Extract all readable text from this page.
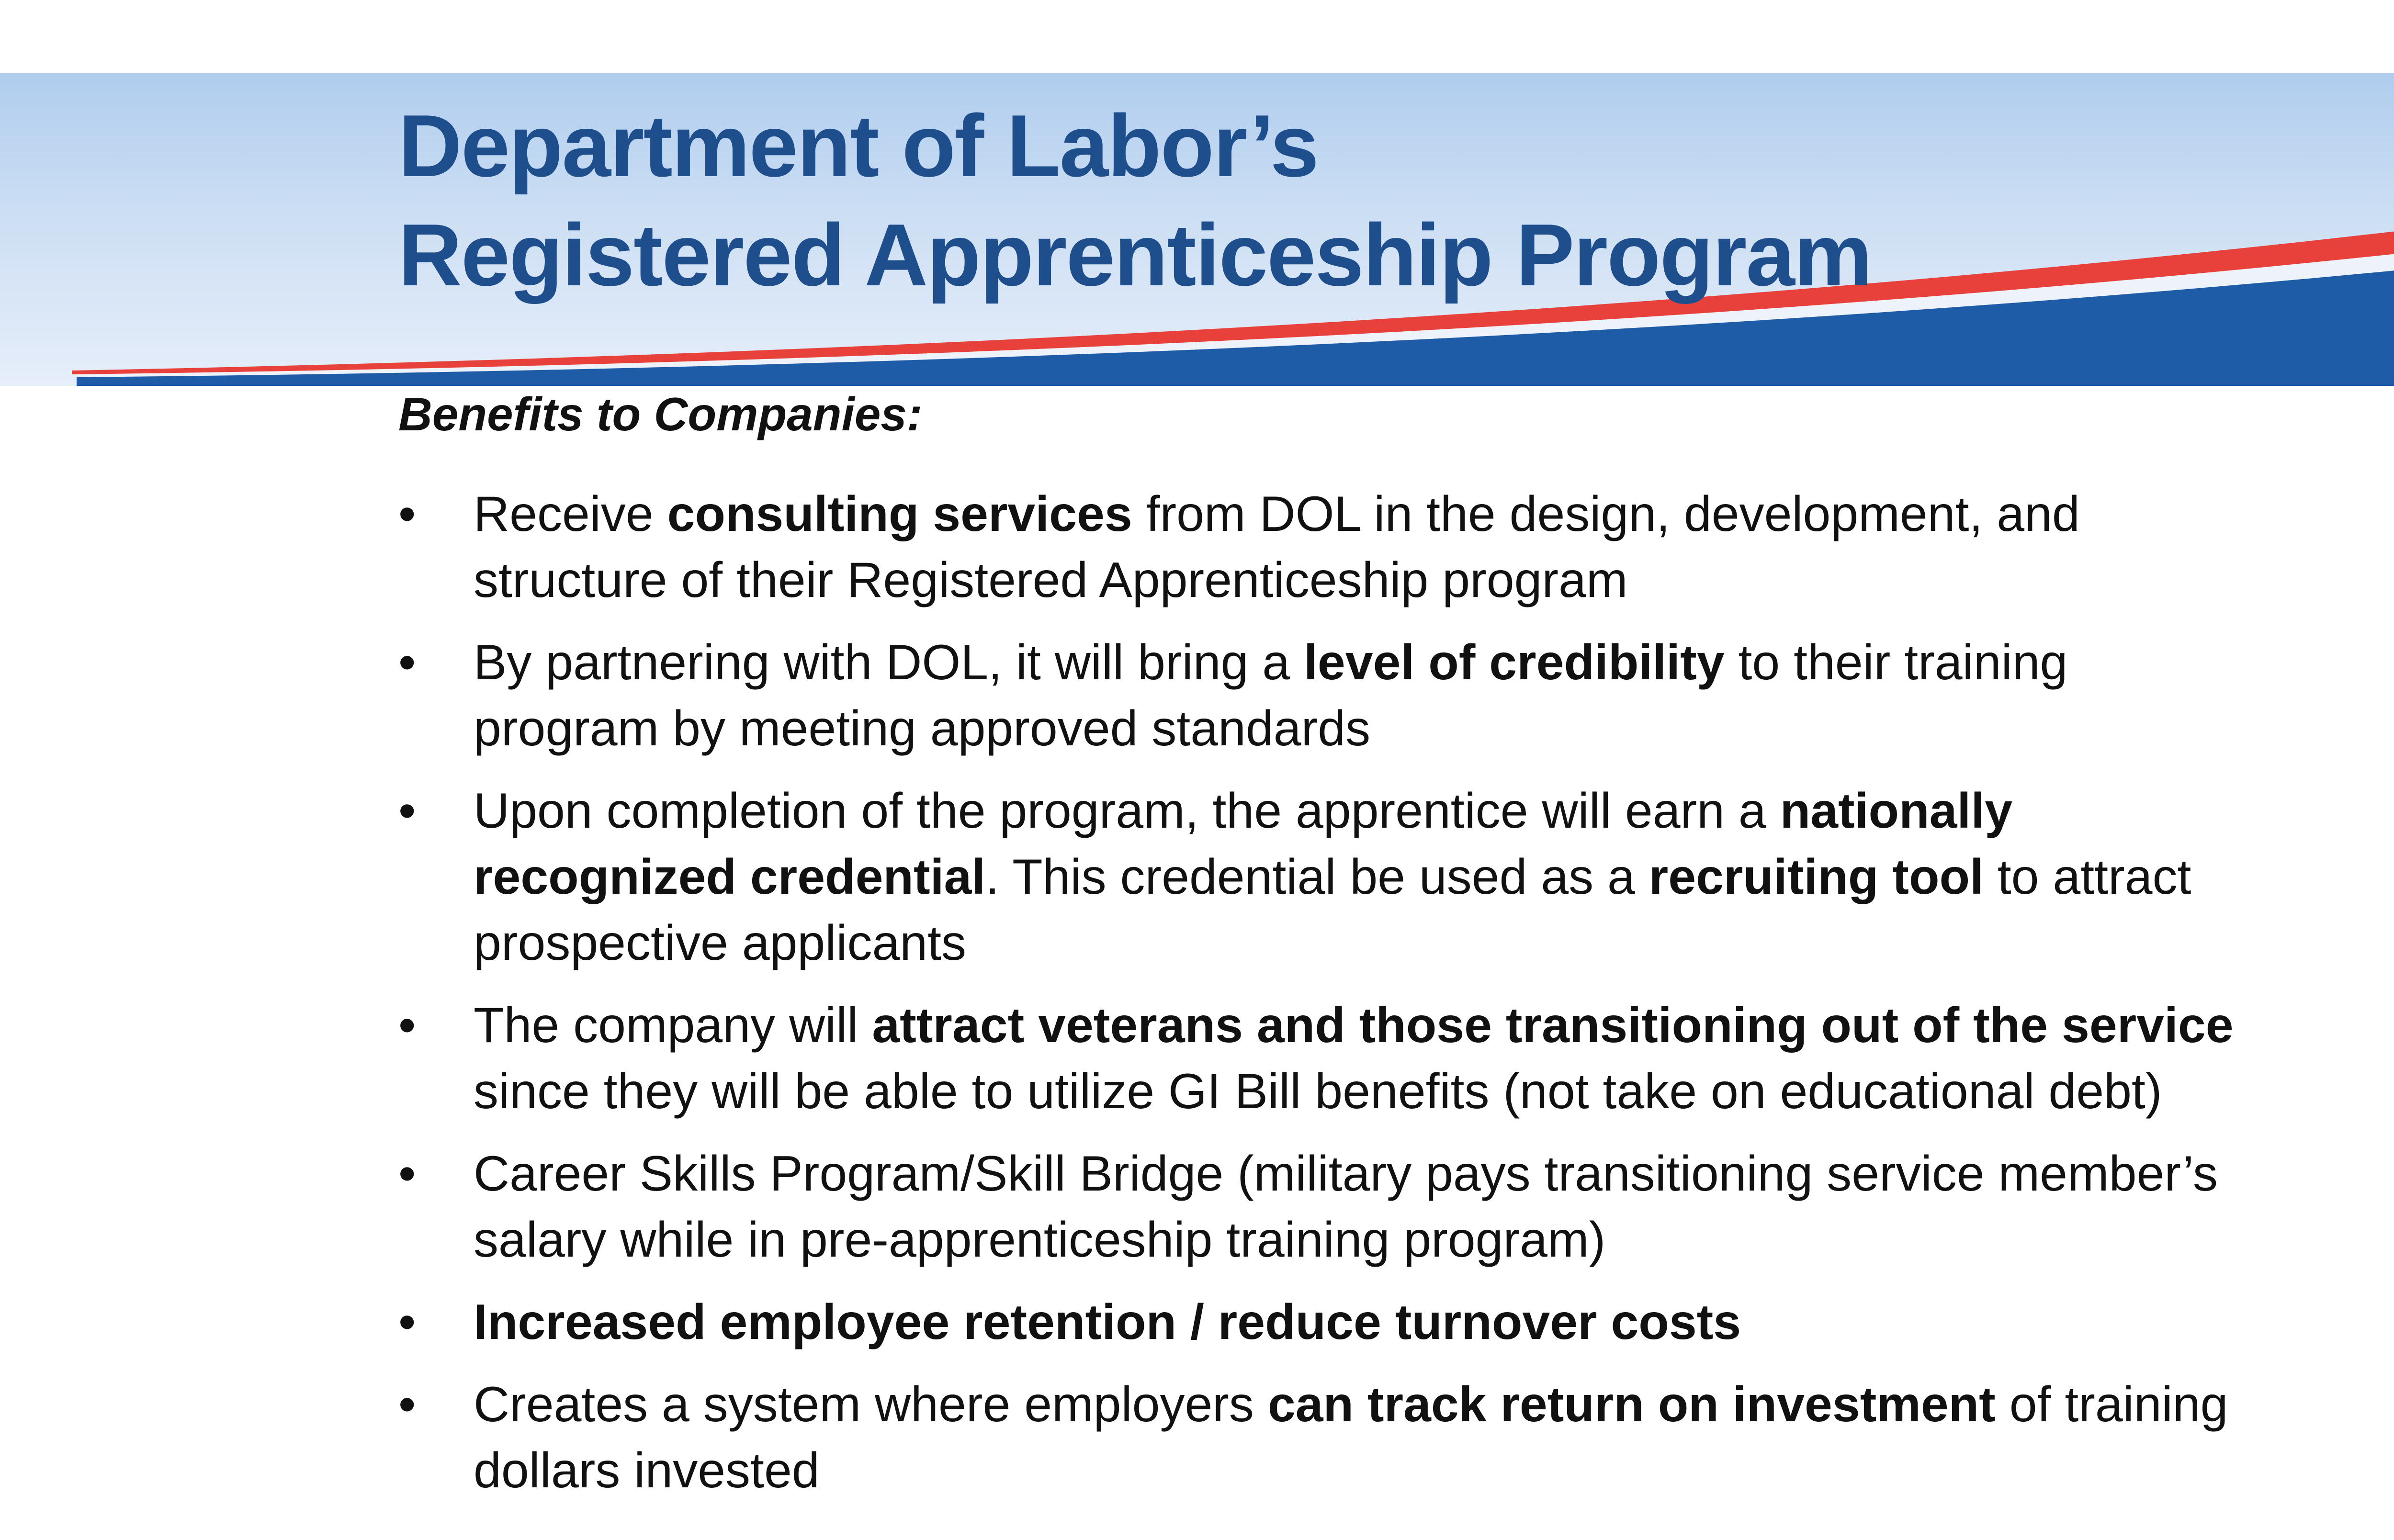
Department of Labor’s
Registered Apprenticeship Program
Benefits to Companies:
• Receive consulting services from DOL in the design, development, and
structure of their Registered Apprenticeship program
• By partnering with DOL, it will bring a level of credibility to their training
program by meeting approved standards
• Upon completion of the program, the apprentice will earn a nationally
recognized credential. This credential be used as a recruiting tool to attract
prospective applicants
• The company will attract veterans and those transitioning out of the service
since they will be able to utilize GI Bill benefits (not take on educational debt)
• Career Skills Program/Skill Bridge (military pays transitioning service member’s
salary while in pre-apprenticeship training program)
• Increased employee retention / reduce turnover costs
• Creates a system where employers can track return on investment of training
dollars invested
